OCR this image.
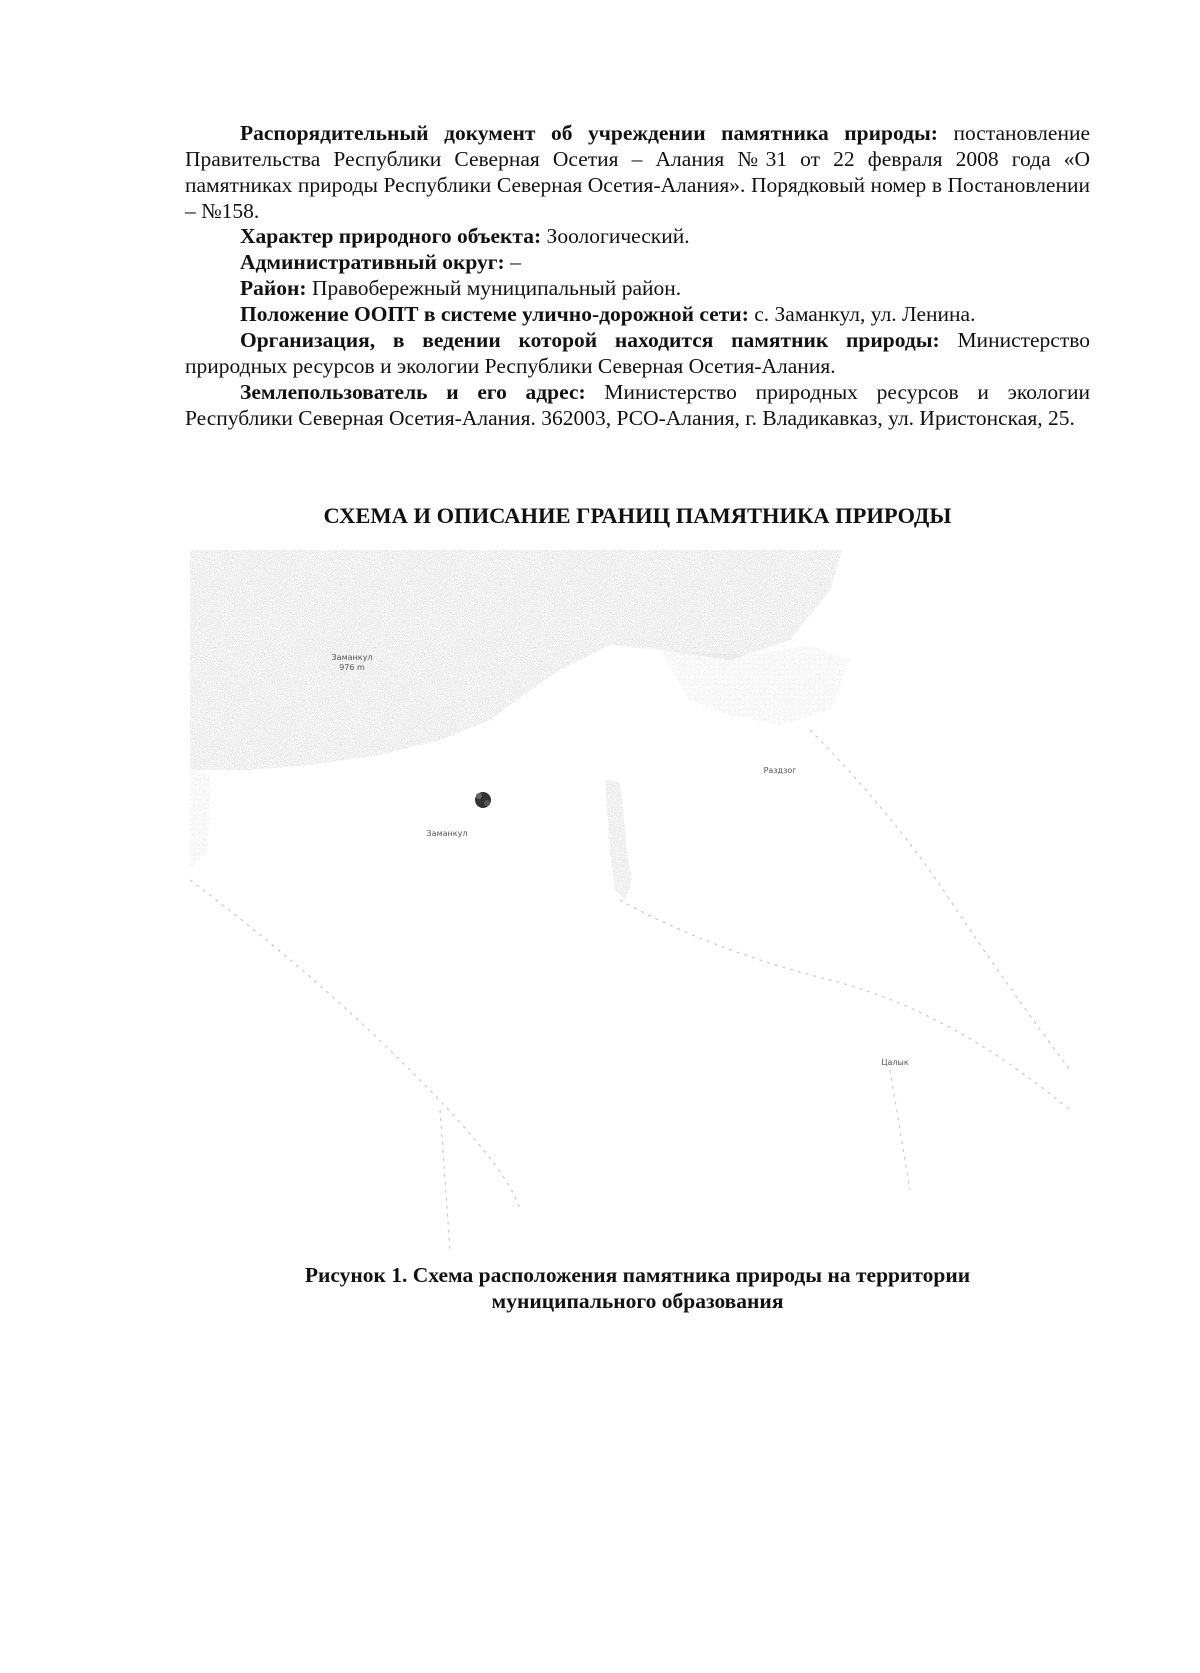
Распорядительный документ об учреждении памятника природы: постановление Правительства Республики Северная Осетия – Алания №31 от 22 февраля 2008 года «О памятниках природы Республики Северная Осетия-Алания». Порядковый номер в Постановлении – №158.

Характер природного объекта: Зоологический.

Административный округ: –

Район: Правобережный муниципальный район.

Положение ООПТ в системе улично-дорожной сети: с. Заманкул, ул. Ленина.

Организация, в ведении которой находится памятник природы: Министерство природных ресурсов и экологии Республики Северная Осетия-Алания.

Землепользователь и его адрес: Министерство природных ресурсов и экологии Республики Северная Осетия-Алания. 362003, РСО-Алания, г. Владикавказ, ул. Иристонская, 25.

СХЕМА И ОПИСАНИЕ ГРАНИЦ ПАМЯТНИКА ПРИРОДЫ
Заманкул
976 m
Заманкул
Раздзог
Цалык
Рисунок 1. Схема расположения памятника природы на территории
муниципального образования
